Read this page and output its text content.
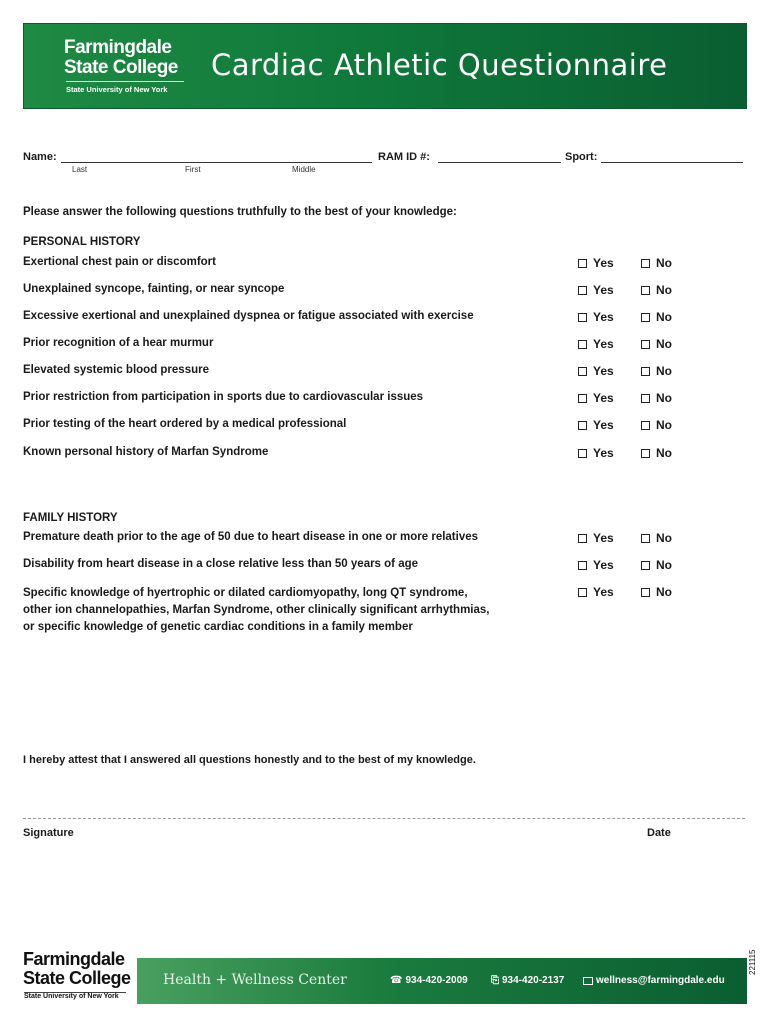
Farmingdale
State College
State University of New York
Cardiac Athletic Questionnaire
Name:
Last	First	Middle
RAM ID #:	Sport:
Please answer the following questions truthfully to the best of your knowledge:
PERSONAL HISTORY
Exertional chest pain or discomfort	Yes	No
Unexplained syncope, fainting, or near syncope	Yes	No
Excessive exertional and unexplained dyspnea or fatigue associated with exercise	Yes	No
Prior recognition of a hear murmur	Yes	No
Elevated systemic blood pressure	Yes	No
Prior restriction from participation in sports due to cardiovascular issues	Yes	No
Prior testing of the heart ordered by a medical professional	Yes	No
Known personal history of Marfan Syndrome	Yes	No
FAMILY HISTORY
Premature death prior to the age of 50 due to heart disease in one or more relatives	Yes	No
Disability from heart disease in a close relative less than 50 years of age	Yes	No
Specific knowledge of hyertrophic or dilated cardiomyopathy, long QT syndrome,
other ion channelopathies, Marfan Syndrome, other clinically significant arrhythmias,
or specific knowledge of genetic cardiac conditions in a family member
Yes	No
I hereby attest that I answered all questions honestly and to the best of my knowledge.
Signature	Date
Farmingdale
State College
State University of New York
Health + Wellness Center	☎ 934-420-2009 ⎘ 934-420-2137	wellness@farmingdale.edu
221115
